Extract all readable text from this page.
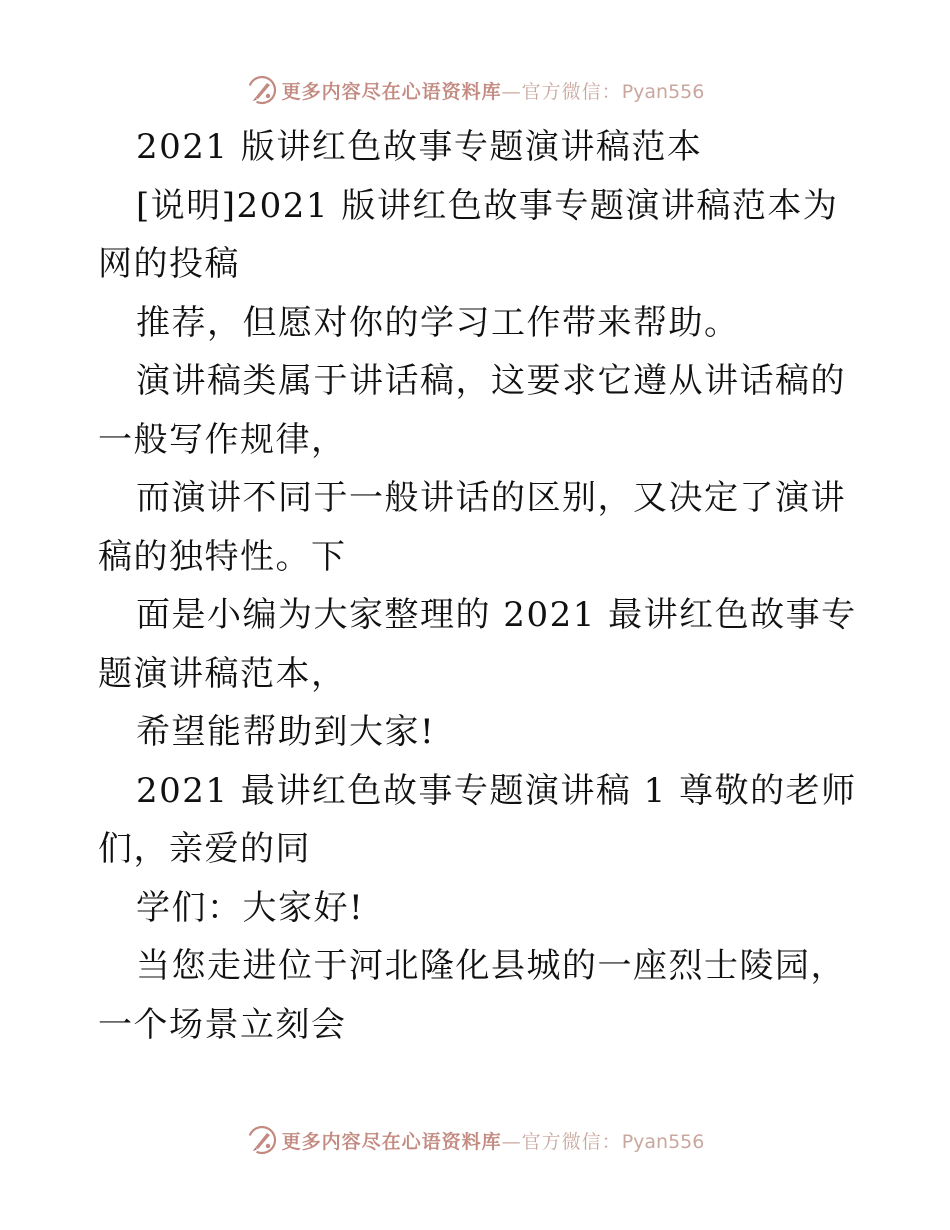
更多内容尽在心语资料库—官方微信：Pyan556

2021 版讲红色故事专题演讲稿范本

[说明]2021 版讲红色故事专题演讲稿范本为网的投稿

推荐，但愿对你的学习工作带来帮助。

演讲稿类属于讲话稿，这要求它遵从讲话稿的一般写作规律，

而演讲不同于一般讲话的区别，又决定了演讲稿的独特性。下

面是小编为大家整理的 2021 最讲红色故事专题演讲稿范本，

希望能帮助到大家!

2021 最讲红色故事专题演讲稿 1 尊敬的老师们，亲爱的同

学们：大家好!

当您走进位于河北隆化县城的一座烈士陵园，一个场景立刻会

更多内容尽在心语资料库—官方微信：Pyan556
